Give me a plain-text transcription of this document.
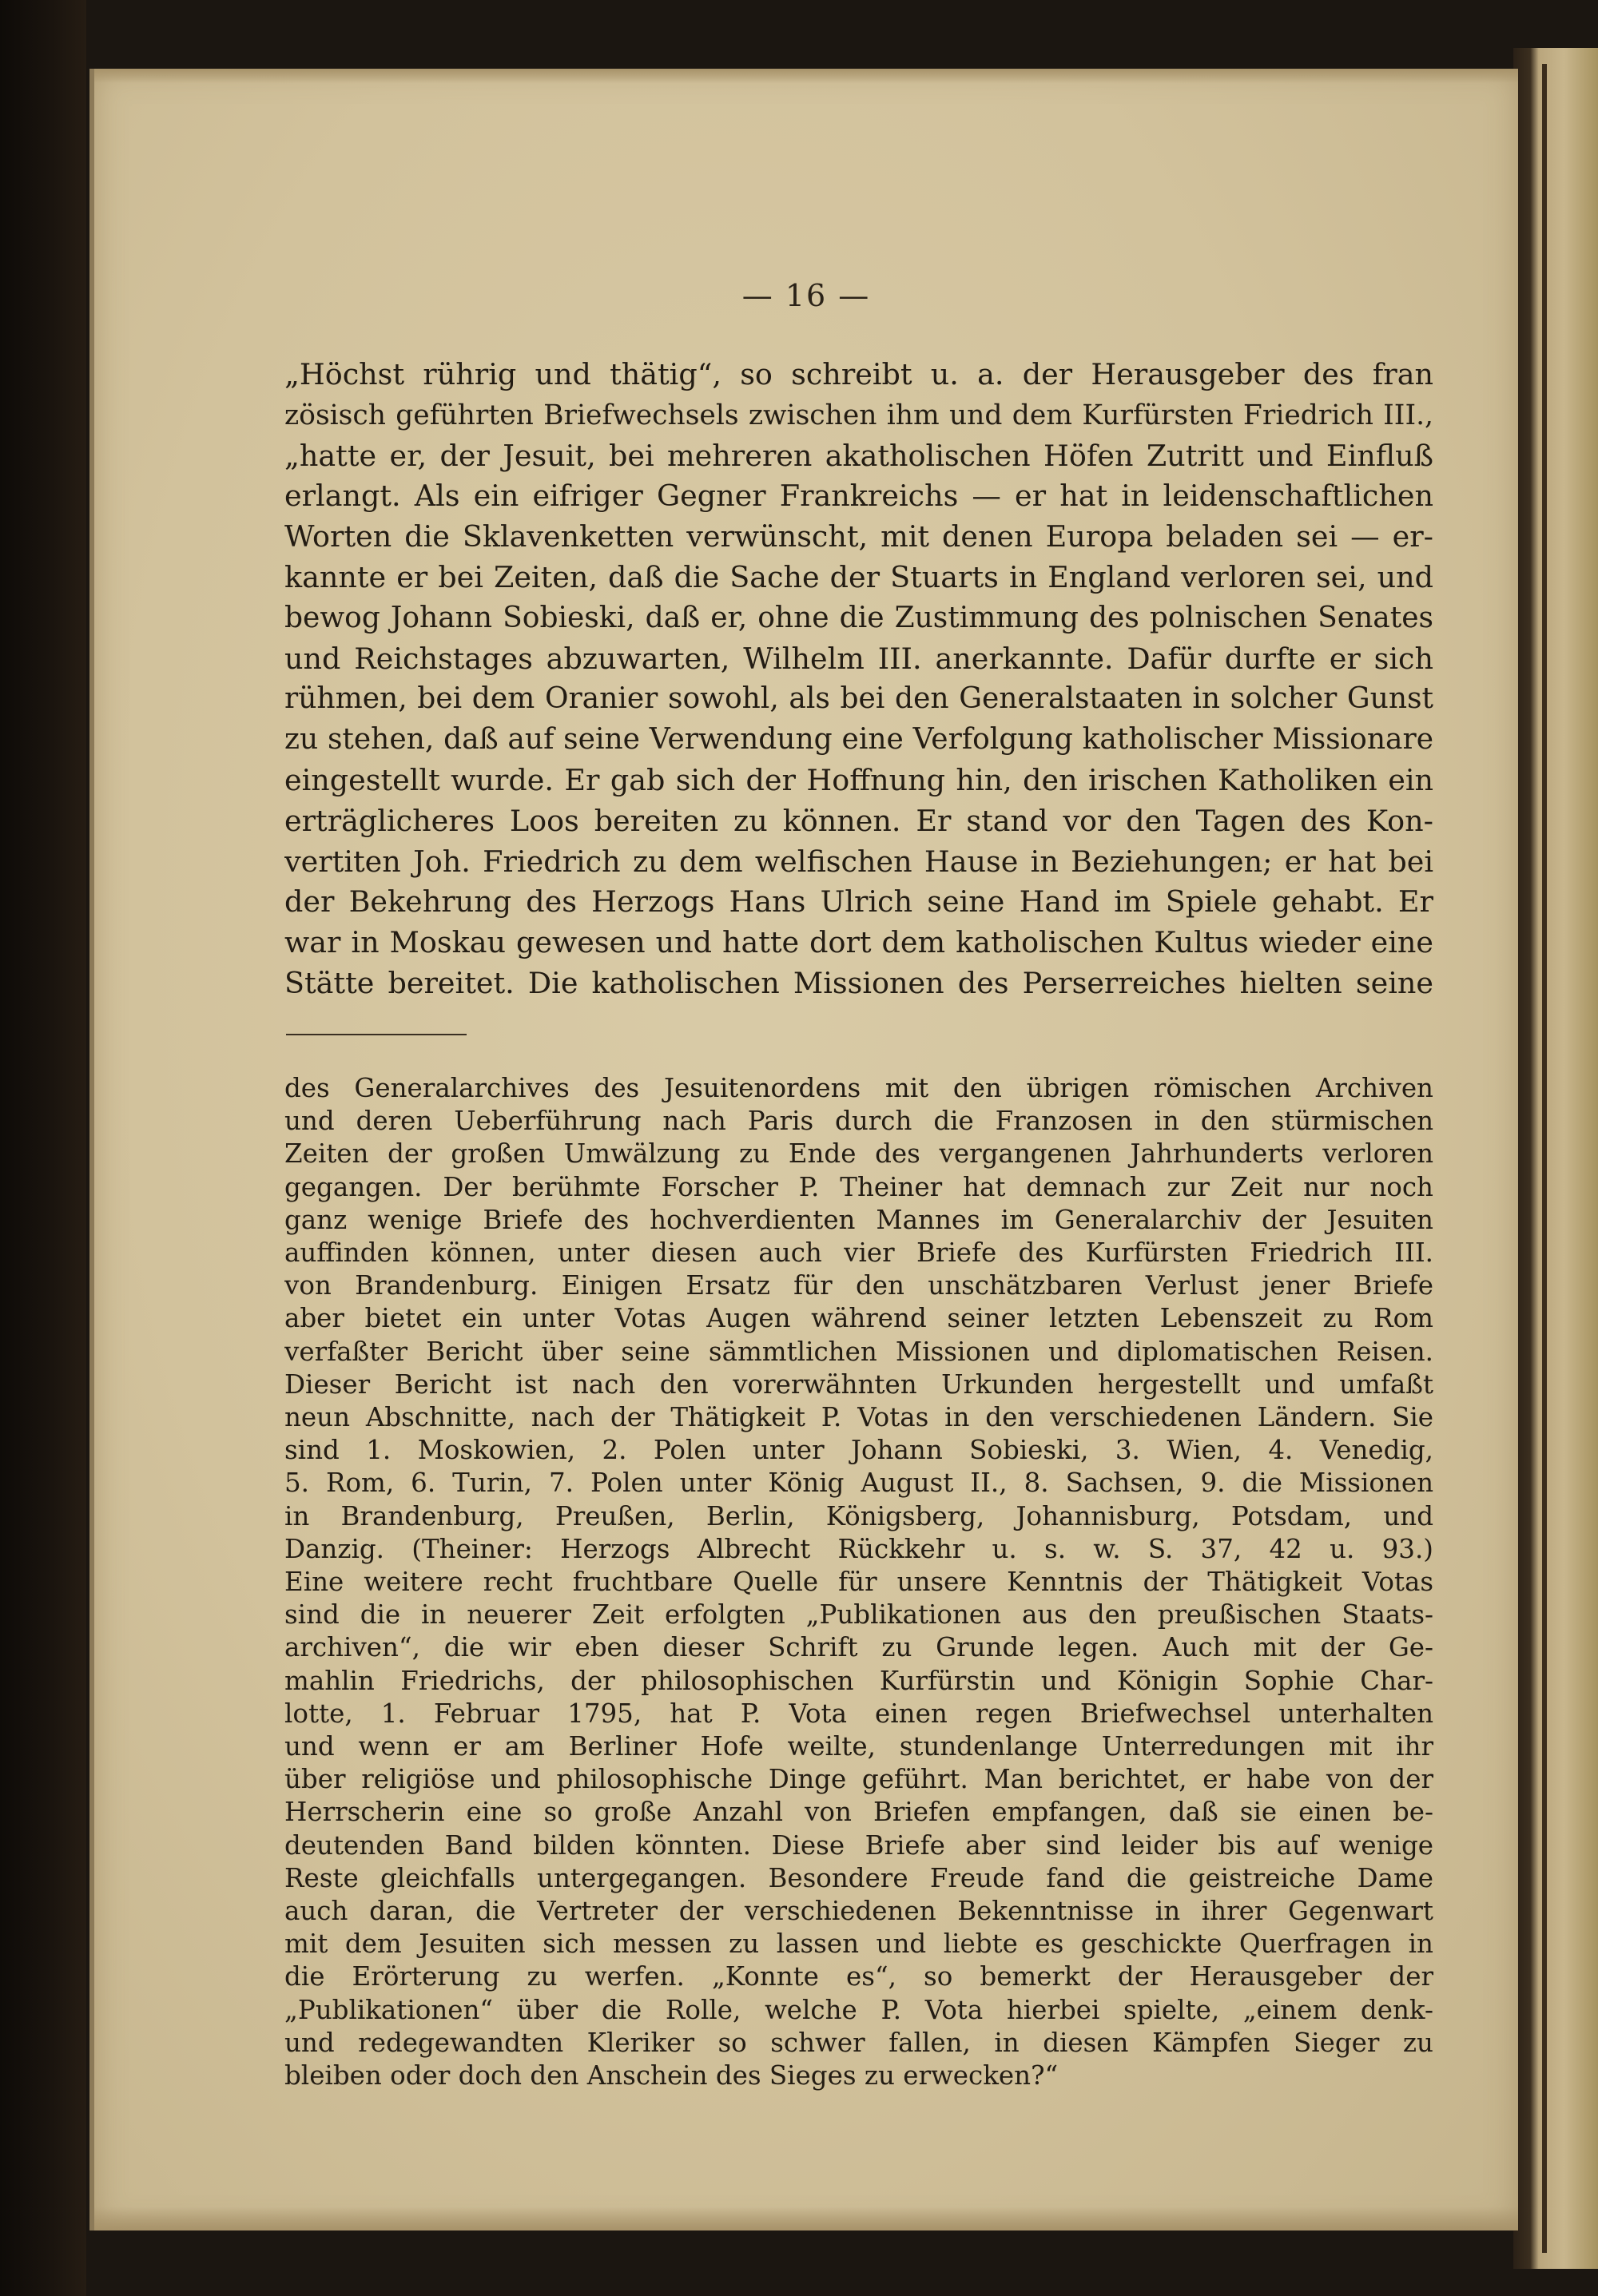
— 16 —
„Höchst rührig und thätig“, so schreibt u. a. der Herausgeber des fran
zösisch geführten Briefwechsels zwischen ihm und dem Kurfürsten Friedrich III.,
„hatte er, der Jesuit, bei mehreren akatholischen Höfen Zutritt und Einfluß
erlangt. Als ein eifriger Gegner Frankreichs — er hat in leidenschaftlichen
Worten die Sklavenketten verwünscht, mit denen Europa beladen sei — er-
kannte er bei Zeiten, daß die Sache der Stuarts in England verloren sei, und
bewog Johann Sobieski, daß er, ohne die Zustimmung des polnischen Senates
und Reichstages abzuwarten, Wilhelm III. anerkannte. Dafür durfte er sich
rühmen, bei dem Oranier sowohl, als bei den Generalstaaten in solcher Gunst
zu stehen, daß auf seine Verwendung eine Verfolgung katholischer Missionare
eingestellt wurde. Er gab sich der Hoffnung hin, den irischen Katholiken ein
erträglicheres Loos bereiten zu können. Er stand vor den Tagen des Kon-
vertiten Joh. Friedrich zu dem welfischen Hause in Beziehungen; er hat bei
der Bekehrung des Herzogs Hans Ulrich seine Hand im Spiele gehabt. Er
war in Moskau gewesen und hatte dort dem katholischen Kultus wieder eine
Stätte bereitet. Die katholischen Missionen des Perserreiches hielten seine
des Generalarchives des Jesuitenordens mit den übrigen römischen Archiven
und deren Ueberführung nach Paris durch die Franzosen in den stürmischen
Zeiten der großen Umwälzung zu Ende des vergangenen Jahrhunderts verloren
gegangen. Der berühmte Forscher P. Theiner hat demnach zur Zeit nur noch
ganz wenige Briefe des hochverdienten Mannes im Generalarchiv der Jesuiten
auffinden können, unter diesen auch vier Briefe des Kurfürsten Friedrich III.
von Brandenburg. Einigen Ersatz für den unschätzbaren Verlust jener Briefe
aber bietet ein unter Votas Augen während seiner letzten Lebenszeit zu Rom
verfaßter Bericht über seine sämmtlichen Missionen und diplomatischen Reisen.
Dieser Bericht ist nach den vorerwähnten Urkunden hergestellt und umfaßt
neun Abschnitte, nach der Thätigkeit P. Votas in den verschiedenen Ländern. Sie
sind 1. Moskowien, 2. Polen unter Johann Sobieski, 3. Wien, 4. Venedig,
5. Rom, 6. Turin, 7. Polen unter König August II., 8. Sachsen, 9. die Missionen
in Brandenburg, Preußen, Berlin, Königsberg, Johannisburg, Potsdam, und
Danzig. (Theiner: Herzogs Albrecht Rückkehr u. s. w. S. 37, 42 u. 93.)
Eine weitere recht fruchtbare Quelle für unsere Kenntnis der Thätigkeit Votas
sind die in neuerer Zeit erfolgten „Publikationen aus den preußischen Staats-
archiven“, die wir eben dieser Schrift zu Grunde legen. Auch mit der Ge-
mahlin Friedrichs, der philosophischen Kurfürstin und Königin Sophie Char-
lotte, 1. Februar 1795, hat P. Vota einen regen Briefwechsel unterhalten
und wenn er am Berliner Hofe weilte, stundenlange Unterredungen mit ihr
über religiöse und philosophische Dinge geführt. Man berichtet, er habe von der
Herrscherin eine so große Anzahl von Briefen empfangen, daß sie einen be-
deutenden Band bilden könnten. Diese Briefe aber sind leider bis auf wenige
Reste gleichfalls untergegangen. Besondere Freude fand die geistreiche Dame
auch daran, die Vertreter der verschiedenen Bekenntnisse in ihrer Gegenwart
mit dem Jesuiten sich messen zu lassen und liebte es geschickte Querfragen in
die Erörterung zu werfen. „Konnte es“, so bemerkt der Herausgeber der
„Publikationen“ über die Rolle, welche P. Vota hierbei spielte, „einem denk-
und redegewandten Kleriker so schwer fallen, in diesen Kämpfen Sieger zu
bleiben oder doch den Anschein des Sieges zu erwecken?“
